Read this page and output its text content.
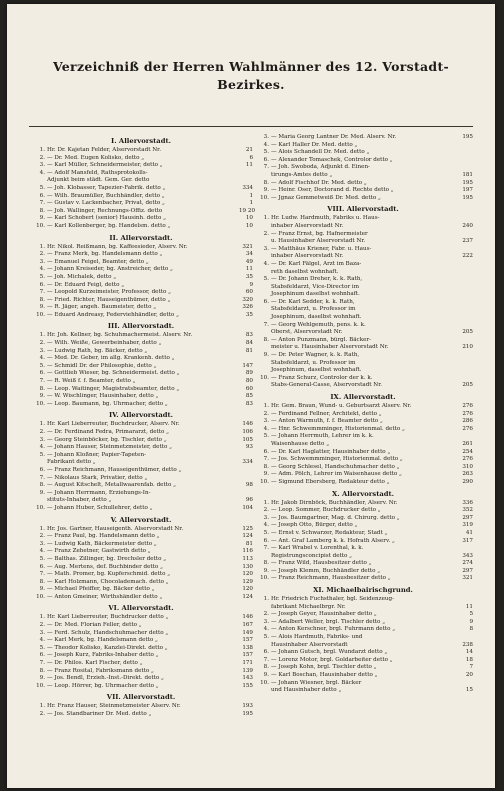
Verzeichniß der Herren Wahlmänner des 12. Vorstadt-
Bezirkes.
I. Allervorstadt.
1. Hr. Dr. Kajetan Felder, Alservorstadt Nr.	21
2. — Dr. Med. Eugen Kolisko, detto „	6
3. — Karl Müller, Schneidermeister, detto „	11
4. — Adolf Mansfeld, Rathsprotokolls-
Adjunkt beim städt. Gem. Ger. detto
5. — Joh. Klobasser, Tapezier-Fabrik. detto „	334
6. — Wilh. Braumüller, Buchhändler, detto „	1
7. — Gustav v. Lackenbacher, Privat, detto „	1
8. — Joh. Wallinger, Rechnungs-Offiz. detto	19 20
9. — Karl Schobert (senior) Hausinh. detto „	10
10. — Karl Kollenberger, bg. Handelsm. detto „	10
II. Allervorstadt.
1. Hr. Nikol. Reißmann, bg. Kaffeesieder, Alserv. Nr.	321
2. — Franz Merk, bg. Handelsmann detto „	34
3. — Emanuel Feigel, Beamter, detto „	49
4. — Johann Kreiseder, bg. Anstreicher, detto „	11
5. — Joh. Michalek, detto „	35
6. — Dr. Eduard Feigl, detto „	9
7. — Leopold Kurzeimeister, Professor, detto „	60
8. — Fried. Richter, Hauseigenthümer, detto „	320
9. — R. Jäger, angeh. Baumeister, detto „	326
10. — Eduard Andreasy, Federviehhändler, detto „	35
III. Allervorstadt.
1. Hr. Joh. Kellner, bg. Schuhmachermeist. Alserv. Nr.	83
2. — Wilh. Weiße, Gewerbeinhaber, detto „	84
3. — Ludwig Rath, bg. Bäcker, detto „	81
4. — Med. Dr. Geber, im allg. Krankenh. detto „
5. — Schmidl Dr. der Philosophie, detto „	147
6. — Gottlieb Wieser, bg. Schneidermeist. detto „	89
7. — R. Weiß f. f. Beamter, detto „	80
8. — Leop. Waitinger, Magistratsbeamter, detto „	60
9. — W. Wischlinger, Hausinhaber, detto „	85
10. — Leop. Baumann, bg. Uhrmacher, detto „	83
IV. Allervorstadt.
1. Hr. Karl Lieberreuter, Buchdrucker, Alserv. Nr.	146
2. — Dr. Ferdinand Fedra, Primararzt, detto „	106
3. — Georg Steinböcker, bg. Tischler, detto „	105
4. — Johann Hauser, Steinmetzmeister, detto „	93
5. — Johann Kloßner, Papier-Tapeten-
Fabrikant detto „	334
6. — Franz Reichmann, Hauseigenthümer, detto „
7. — Nikolaus Stark, Privatier, detto „
8. — August Kitschelt, Metallwaarenfab. detto „	98
9. — Johann Herrmann, Erziehungs-In-
stituts-Inhaber, detto „	96
10. — Johann Huber, Schullehrer, detto „	104
V. Allervorstadt.
1. Hr. Jos. Gartner, Hauseigenth. Alservorstadt Nr.	125
2. — Franz Paul, bg. Handelsmann detto „	124
3. — Ludwig Kath, Bäckermeister detto „	81
4. — Franz Zehetner, Gastwirth detto „	116
5. — Balthas. Zillinger, bg. Drechsler detto „	113
6. — Aug. Mertens, def. Buchbinder detto „	130
7. — Math. Promer, bg. Kupferschmid. detto „	120
8. — Karl Holzmann, Chocolademach. detto „	129
9. — Michael Pfeiffer, bg. Bäcker detto „	120
10. — Anton Gmeiner, Wirthshändler detto „	124
VI. Allervorstadt.
1. Hr. Karl Lieberreuter, Buchdrucker detto „	146
2. — Dr. Med. Florian Feller, detto „	167
3. — Ferd. Schulz, Handschuhmacher detto „	149
4. — Karl Merk, bg. Handelsmann detto „	157
5. — Theodor Kolisko, Kanzlei-Direkt. detto „	138
6. — Joseph Kurz, Fabriks-Inhaber detto „	157
7. — Dr. Philos. Karl Fischer, detto „	171
8. — Franz Rosital, Fabriksmann detto „	139
9. — Jos. Bendl, Erzieh.-Inst.-Direkt. detto „	143
10. — Leop. Hörrer, bg. Uhrmacher detto „	155
VII. Allervorstadt.
1. Hr. Franz Hauser, Steinmetzmeister Alserv. Nr.	193
2. — Jos. Standbariner Dr. Med. detto „	195
3. — Maria Georg Lantner Dr. Med. Alserv. Nr.	195
4. — Karl Haller Dr. Med. detto „
5. — Alois Schandell Dr. Med. detto „
6. — Alexander Tomaschek, Controlor detto „
7. — Joh. Swoboda, Adjunkt d. Einen-
tirungs-Amtes detto „	181
8. — Adolf Fischhof Dr. Med. detto „	195
9. — Heinr. Oser, Doctorand d. Rechte detto „	197
10. — Jgnaz Gemmetweiß Dr. Med. detto „	195
VIII. Allervorstadt.
1. Hr. Ludw. Hardmuth, Fabriks u. Haus-
inhaber Alservorstadt Nr.	240
2. — Franz Ernst, bg. Hafnermeister
u. Hausinhaber Alservorstadt Nr.	237
3. — Matthäus Kriener, Fabr. u. Haus-
inhaber Alservorstadt Nr.	222
4. — Dr. Karl Fälgel, Arzt im Baza-
reth daselbst wohnhaft.
5. — Dr. Johann Dreher, k. k. Rath,
Stabsfeldarzt, Vice-Director im
Josephinum daselbst wohnhaft.
6. — Dr. Karl Sedder, k. k. Rath,
Stabsfeldarzt, u. Professor im
Josephinum, daselbst wohnhaft.
7. — Georg Wehlgemuth, pens. k. k.
Oberst, Alservorstadt Nr.	205
8. — Anton Punzmann, bürgl. Bäcker-
meister u. Hausinhaber Alservorstadt Nr.	210
9. — Dr. Peter Wagner, k. k. Rath,
Stabsfeldarzt, u. Professor im
Josephinum, daselbst wohnhaft.
10. — Franz Schurz, Controlor der k. k.
Stabs-General-Casse, Alservorstadt Nr.	205
IX. Allervorstadt.
1. Hr. Gem. Braun, Wund- u. Geburtsarzt Alserv. Nr.	276
2. — Ferdinand Fellner, Architekt, detto „	276
3. — Anton Warmuth, f. f. Beamter detto „	286
4. — Hnr. Schwemmminger, Historienmal. detto „	276
5. — Johann Herrmuth, Lehrer im k. k.
Waisenhause detto „	261
6. — Dr. Karl Haglatter, Hausinhaber detto „	254
7. — Jos. Schwemmminger, Historienmal. detto „	276
8. — Georg Schlesel, Handschuhmacher detto „	310
9. — Adm. Pölch, Lehrer im Waisenhause detto „	263
10. — Sigmund Ebersberg, Redakteur detto „	290
X. Allervorstadt.
1. Hr. Jakob Dirnböck, Buchhändler, Alserv. Nr.	336
2. — Leop. Sommer, Buchdrucker detto „	352
3. — Jos. Baumgartner, Mag. d. Chirurg. detto „	297
4. — Joseph Otto, Bürger, detto „	319
5. — Ernst v. Schwarzer, Redakteur, Stadt „	41
6. — Ant. Graf Lamberg k. k. Hofrath Alserv. „	317
7. — Karl Wrabel v. Lorenthal, k. k.
Registrungsconcipist detto „	343
8. — Franz Wild, Hausbesitzer detto „	274
9. — Joseph Klemm, Buchhändler detto „	297
10. — Franz Reichmann, Hausbesitzer detto „	321
XI. Michaelbairischgrund.
1. Hr. Friedrich Fuchsthaler, bgl. Seidenzeug-
fabrikant Michaelbrgr. Nr.	11
2. — Joseph Geyer, Hausinhaber detto „	5
3. — Adalbert Weller, brgl. Tischler detto „	9
4. — Anton Kerschner, brgl. Fuhrmann detto „	8
5. — Alois Hardmuth, Fabriks- und
Hausinhaber Alservorstadt	238
6. — Johann Gutsch, brgl. Wundarzt detto „	14
7. — Lorenz Motor, brgl. Goldarbeiter detto „	18
8. — Joseph Kohn, brgl. Tischler detto „	7
9. — Karl Boschan, Hausinhaber detto „	20
10. — Johann Wiesner, brgl. Bäcker
und Hausinhaber detto „	15
